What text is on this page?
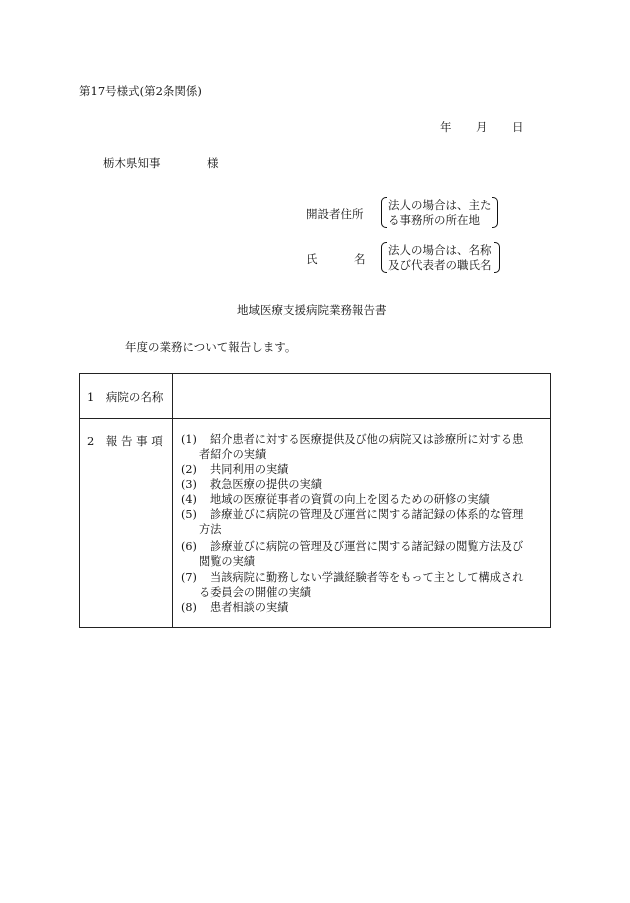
第17号様式(第2条関係)
年 月 日
栃木県知事	様
開設者住所
法人の場合は、主た
る事務所の所在地
氏	名
法人の場合は、名称
及び代表者の職氏名
地域医療支援病院業務報告書
年度の業務について報告します。
1　病院の名称
2　報 告 事 項 (1) 紹介患者に対する医療提供及び他の病院又は診療所に対する患
者紹介の実績
(2) 共同利用の実績
(3) 救急医療の提供の実績
(4) 地域の医療従事者の資質の向上を図るための研修の実績
(5) 診療並びに病院の管理及び運営に関する諸記録の体系的な管理
方法
(6) 診療並びに病院の管理及び運営に関する諸記録の閲覧方法及び
閲覧の実績
(7) 当該病院に勤務しない学識経験者等をもって主として構成され
る委員会の開催の実績
(8) 患者相談の実績
